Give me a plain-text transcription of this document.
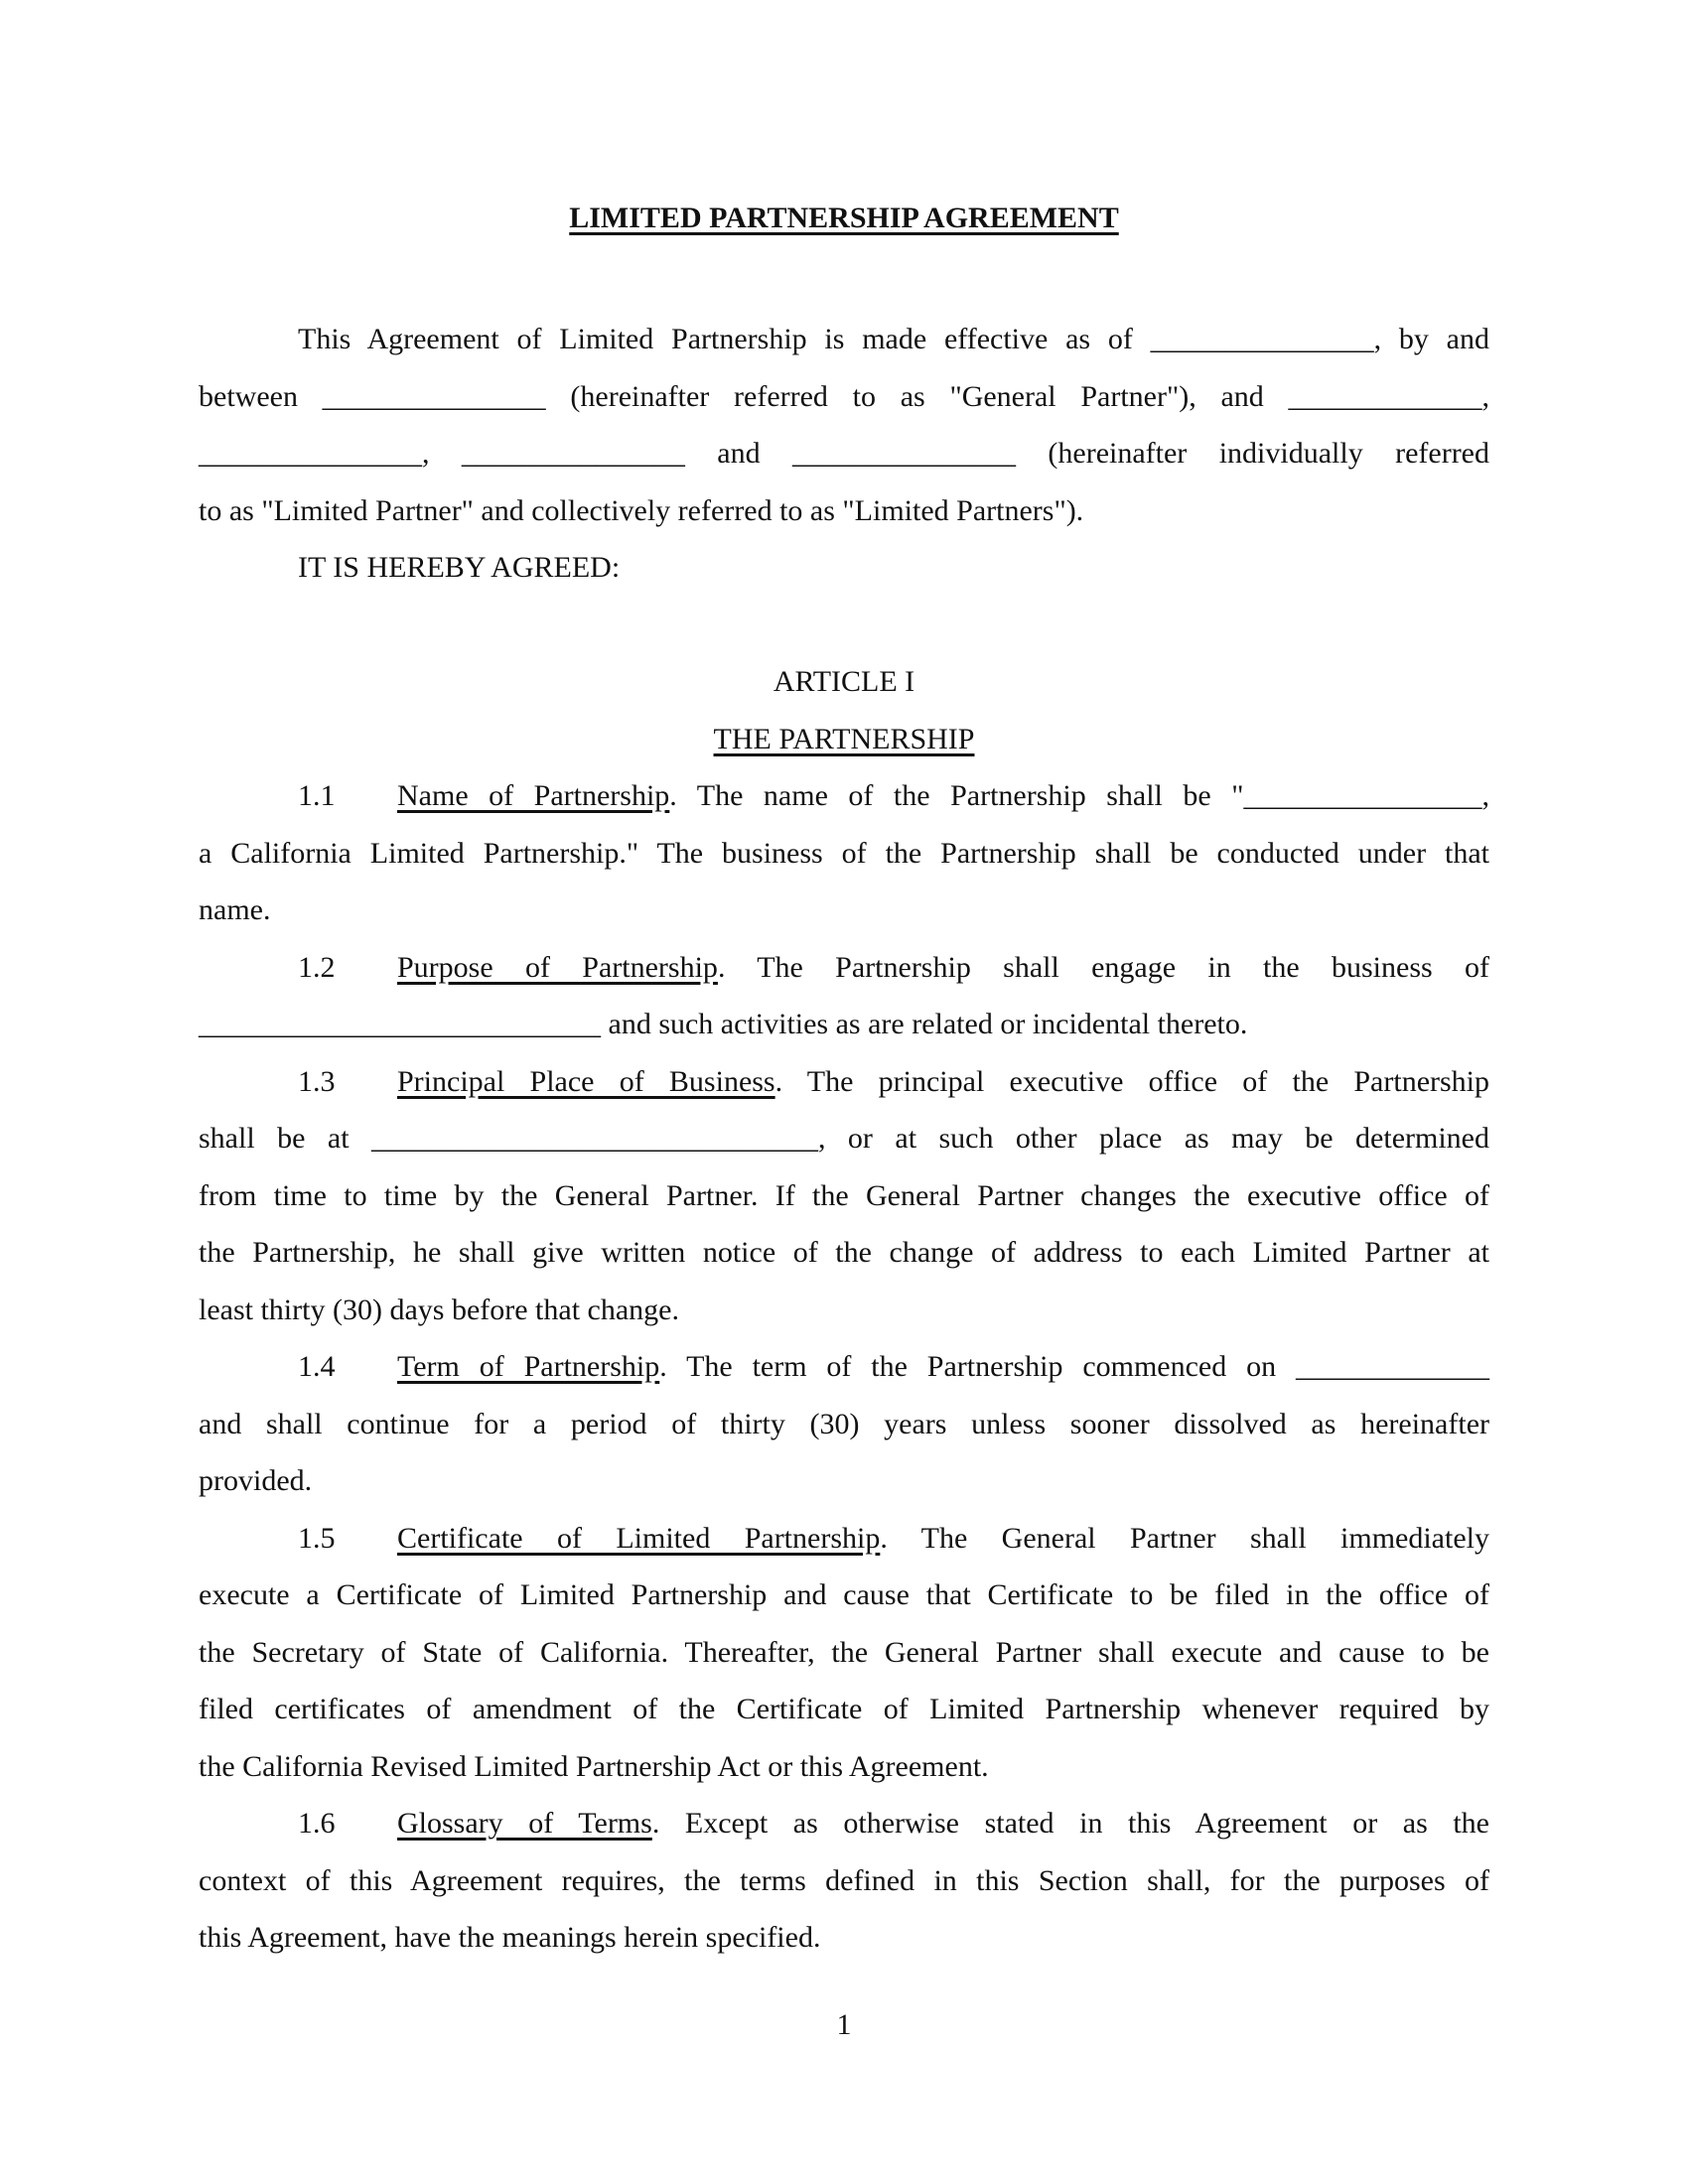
LIMITED PARTNERSHIP AGREEMENT

This Agreement of Limited Partnership is made effective as of _______________, by and

between _______________ (hereinafter referred to as "General Partner"), and _____________,

_______________, _______________ and _______________ (hereinafter individually referred

to as "Limited Partner" and collectively referred to as "Limited Partners").

IT IS HEREBY AGREED:

ARTICLE I

THE PARTNERSHIP

1.1 Name of Partnership. The name of the Partnership shall be "________________,

a California Limited Partnership." The business of the Partnership shall be conducted under that

name.

1.2 Purpose of Partnership. The Partnership shall engage in the business of

___________________________ and such activities as are related or incidental thereto.

1.3 Principal Place of Business. The principal executive office of the Partnership

shall be at ______________________________, or at such other place as may be determined

from time to time by the General Partner. If the General Partner changes the executive office of

the Partnership, he shall give written notice of the change of address to each Limited Partner at

least thirty (30) days before that change.

1.4 Term of Partnership. The term of the Partnership commenced on _____________

and shall continue for a period of thirty (30) years unless sooner dissolved as hereinafter

provided.

1.5 Certificate of Limited Partnership. The General Partner shall immediately

execute a Certificate of Limited Partnership and cause that Certificate to be filed in the office of

the Secretary of State of California. Thereafter, the General Partner shall execute and cause to be

filed certificates of amendment of the Certificate of Limited Partnership whenever required by

the California Revised Limited Partnership Act or this Agreement.

1.6 Glossary of Terms. Except as otherwise stated in this Agreement or as the

context of this Agreement requires, the terms defined in this Section shall, for the purposes of

this Agreement, have the meanings herein specified.

1
